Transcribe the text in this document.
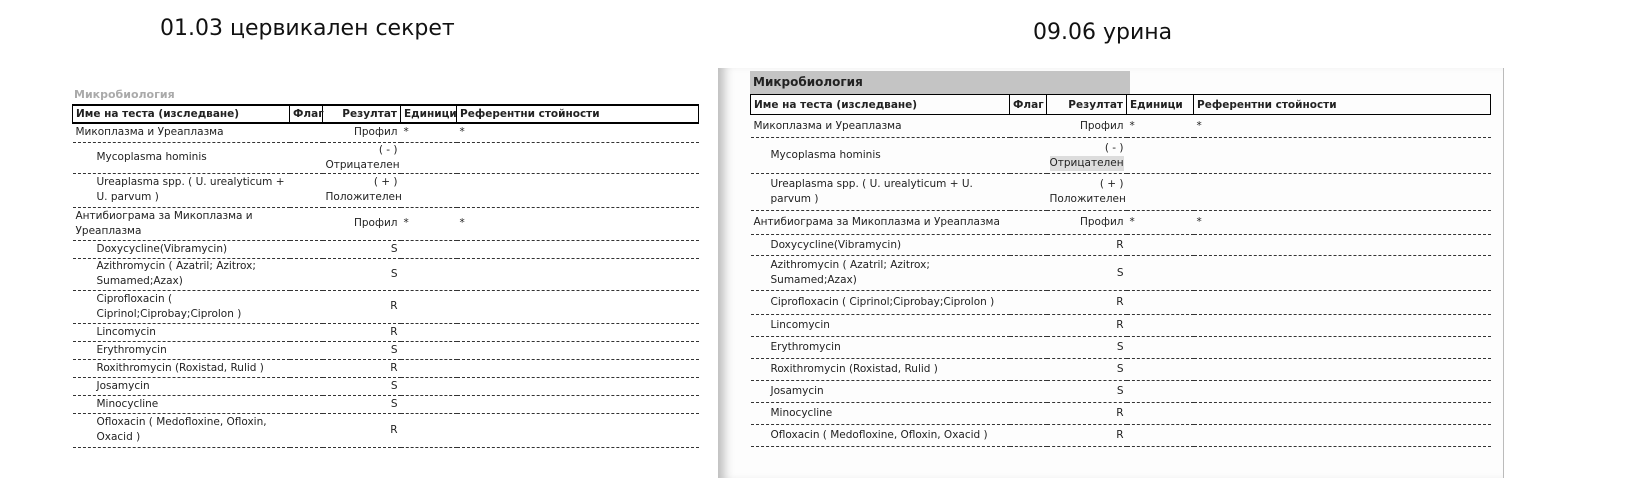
01.03 цервикален секрет	09.06 урина
Микробиология
Име на теста (изследване)	Флаг	Резултат	Единици	Референтни стойности
Микоплазма и Уреаплазма		Профил	*	*
Mycoplasma hominis		( - )
Отрицателен		

Ureaplasma spp. ( U. urealyticum + U. parvum )		( + )
Положителен		

Антибиограма за Микоплазма и Уреаплазма		Профил	*	*
Doxycycline(Vibramycin)		S		

Azithromycin ( Azatril; Azitrox; Sumamed;Azax)		S		

Ciprofloxacin ( Ciprinol;Ciprobay;Ciprolon )		R		

Lincomycin		R		

Erythromycin		S		

Roxithromycin (Roxistad, Rulid )		R		

Josamycin		S		

Minocycline		S		

Ofloxacin ( Medofloxine, Ofloxin, Oxacid )		R		

Микробиология
Име на теста (изследване)	Флаг	Резултат	Единици	Референтни стойности
Микоплазма и Уреаплазма		Профил	*	*
Mycoplasma hominis		( - )
Отрицателен		
Ureaplasma spp. ( U. urealyticum + U. parvum )		( + )
Положителен		

Антибиограма за Микоплазма и Уреаплазма		Профил	*	*
Doxycycline(Vibramycin)		R		

Azithromycin ( Azatril; Azitrox; Sumamed;Azax)		S		

Ciprofloxacin ( Ciprinol;Ciprobay;Ciprolon )		R		

Lincomycin		R		

Erythromycin		S		

Roxithromycin (Roxistad, Rulid )		S		

Josamycin		S		

Minocycline		R		

Ofloxacin ( Medofloxine, Ofloxin, Oxacid )		R		
